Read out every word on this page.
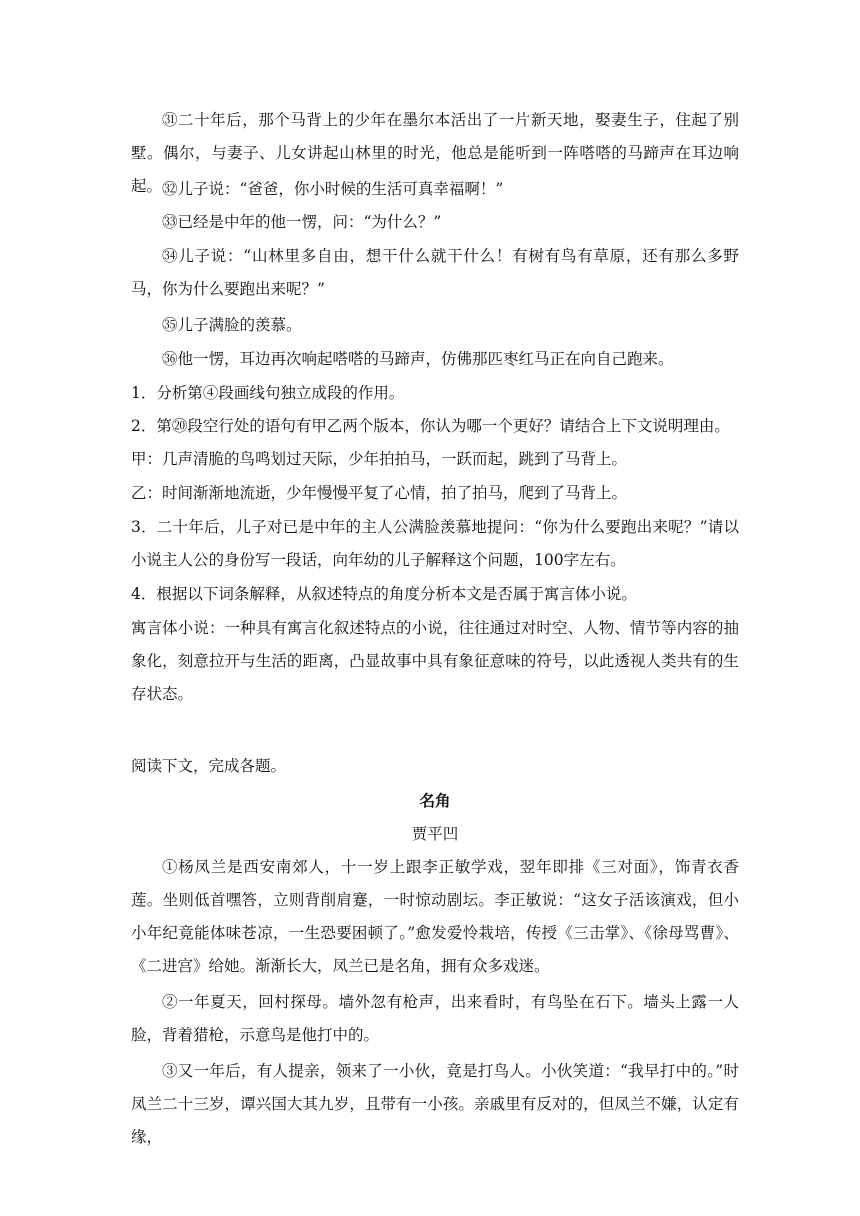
㉛二十年后，那个马背上的少年在墨尔本活出了一片新天地，娶妻生子，住起了别墅。偶尔，与妻子、儿女讲起山林里的时光，他总是能听到一阵嗒嗒的马蹄声在耳边响起。 ㉜儿子说：“爸爸，你小时候的生活可真幸福啊！”

㉝已经是中年的他一愣，问：“为什么？”

㉞儿子说：“山林里多自由，想干什么就干什么！有树有鸟有草原，还有那么多野马，你为什么要跑出来呢？”

㉟儿子满脸的羡慕。

㊱他一愣，耳边再次响起嗒嗒的马蹄声，仿佛那匹枣红马正在向自己跑来。

1．分析第④段画线句独立成段的作用。

2．第⑳段空行处的语句有甲乙两个版本，你认为哪一个更好？请结合上下文说明理由。

甲：几声清脆的鸟鸣划过天际，少年拍拍马，一跃而起，跳到了马背上。

乙：时间渐渐地流逝，少年慢慢平复了心情，拍了拍马，爬到了马背上。

3．二十年后，儿子对已是中年的主人公满脸羡慕地提问：“你为什么要跑出来呢？”请以小说主人公的身份写一段话，向年幼的儿子解释这个问题，100字左右。

4．根据以下词条解释，从叙述特点的角度分析本文是否属于寓言体小说。

寓言体小说：一种具有寓言化叙述特点的小说，往往通过对时空、人物、情节等内容的抽象化，刻意拉开与生活的距离，凸显故事中具有象征意味的符号，以此透视人类共有的生存状态。

阅读下文，完成各题。

名角

贾平凹

①杨凤兰是西安南郊人，十一岁上跟李正敏学戏，翌年即排《三对面》，饰青衣香莲。坐则低首嘿答，立则背削肩蹇，一时惊动剧坛。李正敏说：“这女子活该演戏，但小小年纪竟能体味苍凉，一生恐要困顿了。”愈发爱怜栽培，传授《三击掌》、《徐母骂曹》、《二进宫》给她。渐渐长大，凤兰已是名角，拥有众多戏迷。

②一年夏天，回村探母。墙外忽有枪声，出来看时，有鸟坠在石下。墙头上露一人脸，背着猎枪，示意鸟是他打中的。

③又一年后，有人提亲，领来了一小伙，竟是打鸟人。小伙笑道：“我早打中的。”时凤兰二十三岁，谭兴国大其九岁，且带有一小孩。亲戚里有反对的，但凤兰不嫌，认定有缘，
